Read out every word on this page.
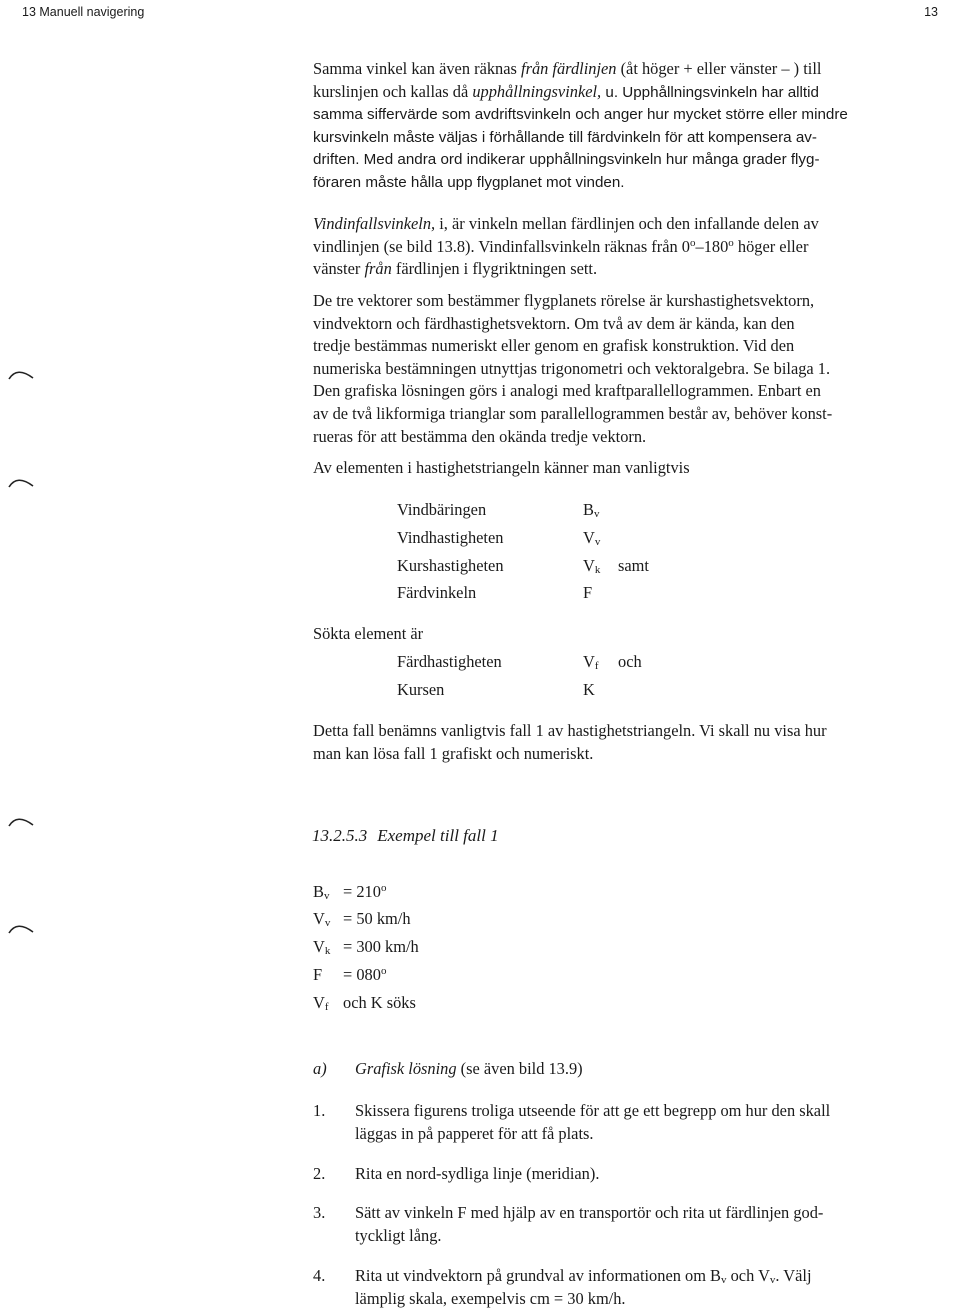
13 Manuell navigering	13
Samma vinkel kan även räknas från färdlinjen (åt höger + eller vänster – ) till
kurslinjen och kallas då upphållningsvinkel, u. Upphållningsvinkeln har alltid
samma siffervärde som avdriftsvinkeln och anger hur mycket större eller mindre
kursvinkeln måste väljas i förhållande till färdvinkeln för att kompensera av-
driften. Med andra ord indikerar upphållningsvinkeln hur många grader flyg-
föraren måste hålla upp flygplanet mot vinden.
Vindinfallsvinkeln, i, är vinkeln mellan färdlinjen och den infallande delen av
vindlinjen (se bild 13.8). Vindinfallsvinkeln räknas från 0$^o$–180$^o$ höger eller
vänster från färdlinjen i flygriktningen sett.
De tre vektorer som bestämmer flygplanets rörelse är kurshastighetsvektorn,
vindvektorn och färdhastighetsvektorn. Om två av dem är kända, kan den
tredje bestämmas numeriskt eller genom en grafisk konstruktion. Vid den
numeriska bestämningen utnyttjas trigonometri och vektoralgebra. Se bilaga 1.
Den grafiska lösningen görs i analogi med kraftparallellogrammen. Enbart en
av de två likformiga trianglar som parallellogrammen består av, behöver konst-
rueras för att bestämma den okända tredje vektorn.
Av elementen i hastighetstriangeln känner man vanligtvis
Vindbäringen	$B_v$
Vindhastigheten	$V_v$
Kurshastigheten	$V_k$ samt
Färdvinkeln	F
Sökta element är
Färdhastigheten	$V_f$ och
Kursen	K
Detta fall benämns vanligtvis fall 1 av hastighetstriangeln. Vi skall nu visa hur
man kan lösa fall 1 grafiskt och numeriskt.
13.2.5.3 Exempel till fall 1
$B_v = 210^o$
$V_v = 50$ km/h
$V_k = 300$ km/h
$F = 080^o$
$V_f$ och K söks
a) Grafisk lösning (se även bild 13.9)
1. Skissera figurens troliga utseende för att ge ett begrepp om hur den skall
läggas in på papperet för att få plats.
2. Rita en nord-sydliga linje (meridian).
3. Sätt av vinkeln F med hjälp av en transportör och rita ut färdlinjen god-
tyckligt lång.
4. Rita ut vindvektorn på grundval av informationen om $B_v$ och $V_v$. Välj
lämplig skala, exempelvis cm = 30 km/h.
